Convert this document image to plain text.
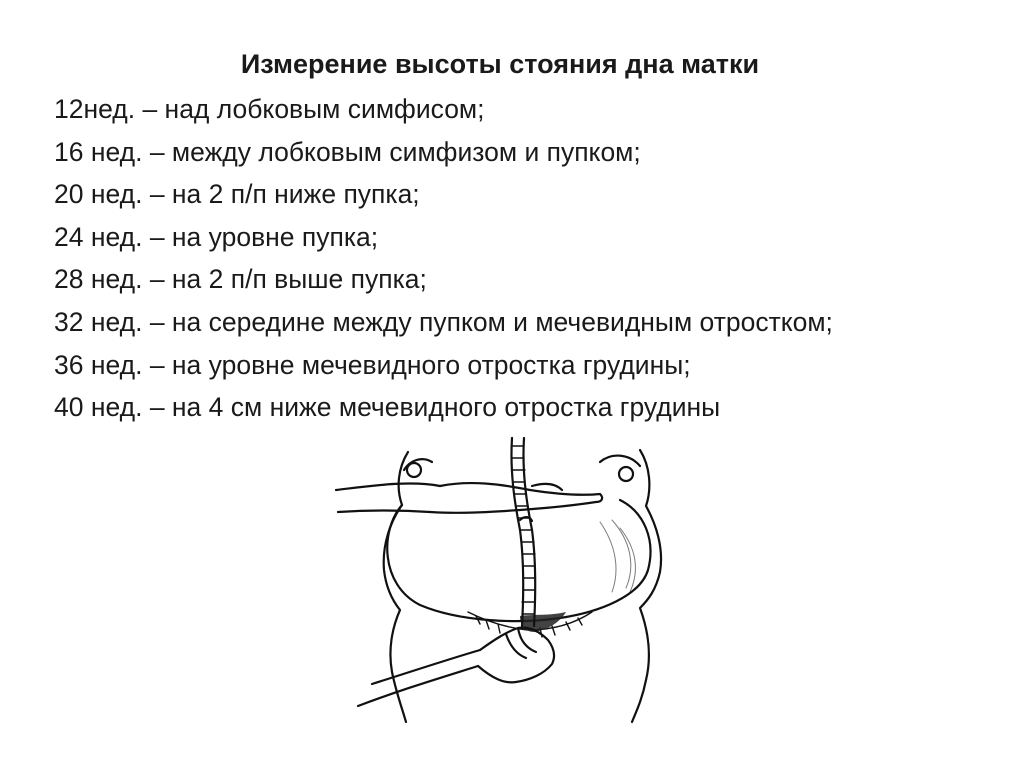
Измерение высоты стояния дна матки
12нед. – над лобковым симфисом;
16 нед. – между лобковым симфизом и пупком;
20 нед. – на 2 п/п ниже пупка;
24 нед. – на уровне пупка;
28 нед. – на 2 п/п выше пупка;
32 нед. – на середине между пупком и мечевидным отростком;
36 нед. – на уровне мечевидного отростка грудины;
40 нед. – на 4 см ниже мечевидного отростка грудины
